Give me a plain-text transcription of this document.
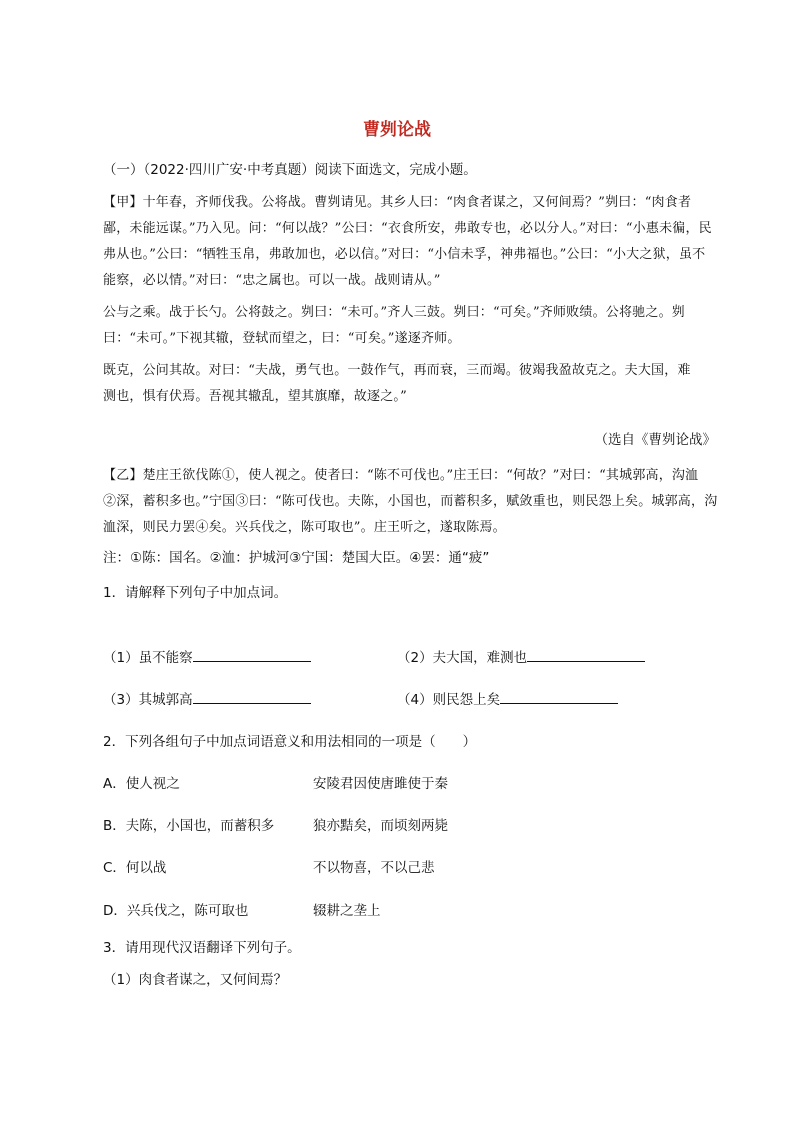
曹刿论战
（一）（2022·四川广安·中考真题）阅读下面选文，完成小题。
【甲】十年春，齐师伐我。公将战。曹刿请见。其乡人曰：“肉食者谋之，又何间焉？”刿曰：“肉食者
鄙，未能远谋。”乃入见。问：“何以战？”公曰：“衣食所安，弗敢专也，必以分人。”对曰：“小惠未徧，民
弗从也。”公曰：“牺牲玉帛，弗敢加也，必以信。”对曰：“小信未孚，神弗福也。”公曰：“小大之狱，虽不
能察，必以情。”对曰：“忠之属也。可以一战。战则请从。”
公与之乘。战于长勺。公将鼓之。刿曰：“未可。”齐人三鼓。刿曰：“可矣。”齐师败绩。公将驰之。刿
曰：“未可。”下视其辙，登轼而望之，曰：“可矣。”遂逐齐师。
既克，公问其故。对曰：“夫战，勇气也。一鼓作气，再而衰，三而竭。彼竭我盈故克之。夫大国，难
测也，惧有伏焉。吾视其辙乱，望其旗靡，故逐之。”
（选自《曹刿论战》
【乙】楚庄王欲伐陈①，使人视之。使者曰：“陈不可伐也。”庄王曰：“何故？”对曰：“其城郭高，沟洫
②深，蓄积多也。”宁国③曰：“陈可伐也。夫陈，小国也，而蓄积多，赋敛重也，则民怨上矣。城郭高，沟
洫深，则民力罢④矣。兴兵伐之，陈可取也”。庄王听之，遂取陈焉。
注：①陈：国名。②洫：护城河③宁国：楚国大臣。④罢：通“疲”
1．请解释下列句子中加点词。
（1）虽不能察	（2）夫大国，难测也
（3）其城郭高	（4）则民怨上矣
2．下列各组句子中加点词语意义和用法相同的一项是（　　）
A．使人视之	安陵君因使唐雎使于秦
B．夫陈，小国也，而蓄积多	狼亦黠矣，而顷刻两毙
C．何以战	不以物喜，不以己悲
D．兴兵伐之，陈可取也	辍耕之垄上
3．请用现代汉语翻译下列句子。
（1）肉食者谋之，又何间焉？
